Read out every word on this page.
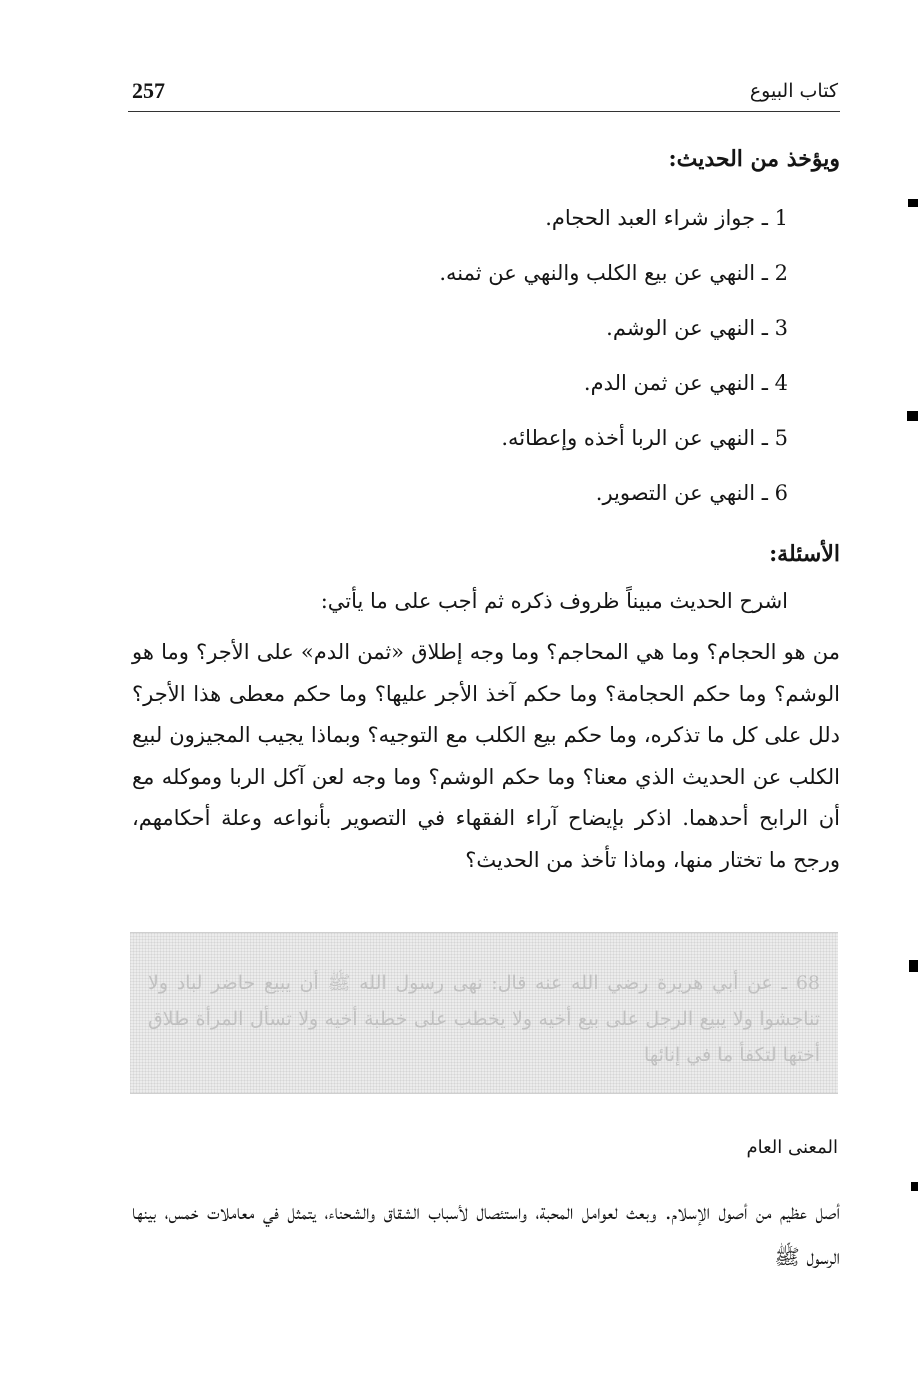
257	كتاب البيوع
ويؤخذ من الحديث:
1 ـ جواز شراء العبد الحجام.
2 ـ النهي عن بيع الكلب والنهي عن ثمنه.
3 ـ النهي عن الوشم.
4 ـ النهي عن ثمن الدم.
5 ـ النهي عن الربا أخذه وإعطائه.
6 ـ النهي عن التصوير.
الأسئلة:
اشرح الحديث مبيناً ظروف ذكره ثم أجب على ما يأتي:
من هو الحجام؟ وما هي المحاجم؟ وما وجه إطلاق «ثمن الدم» على الأجر؟ وما هو الوشم؟ وما حكم الحجامة؟ وما حكم آخذ الأجر عليها؟ وما حكم معطى هذا الأجر؟ دلل على كل ما تذكره، وما حكم بيع الكلب مع التوجيه؟ وبماذا يجيب المجيزون لبيع الكلب عن الحديث الذي معنا؟ وما حكم الوشم؟ وما وجه لعن آكل الربا وموكله مع أن الرابح أحدهما. اذكر بإيضاح آراء الفقهاء في التصوير بأنواعه وعلة أحكامهم، ورجح ما تختار منها، وماذا تأخذ من الحديث؟
68 ـ عن أبي هريرة رضي الله عنه قال: نهى رسول الله ﷺ أن يبيع حاضر لباد ولا تناجشوا ولا يبيع الرجل على بيع أخيه ولا يخطب على خطبة أخيه ولا تسأل المرأة طلاق أختها لتكفأ ما في إنائها
المعنى العام
أصل عظيم من أصول الإسلام. وبعث لعوامل المحبة، واستئصال لأسباب الشقاق والشحناء، يتمثل في معاملات خمس، بينها الرسول ﷺ
